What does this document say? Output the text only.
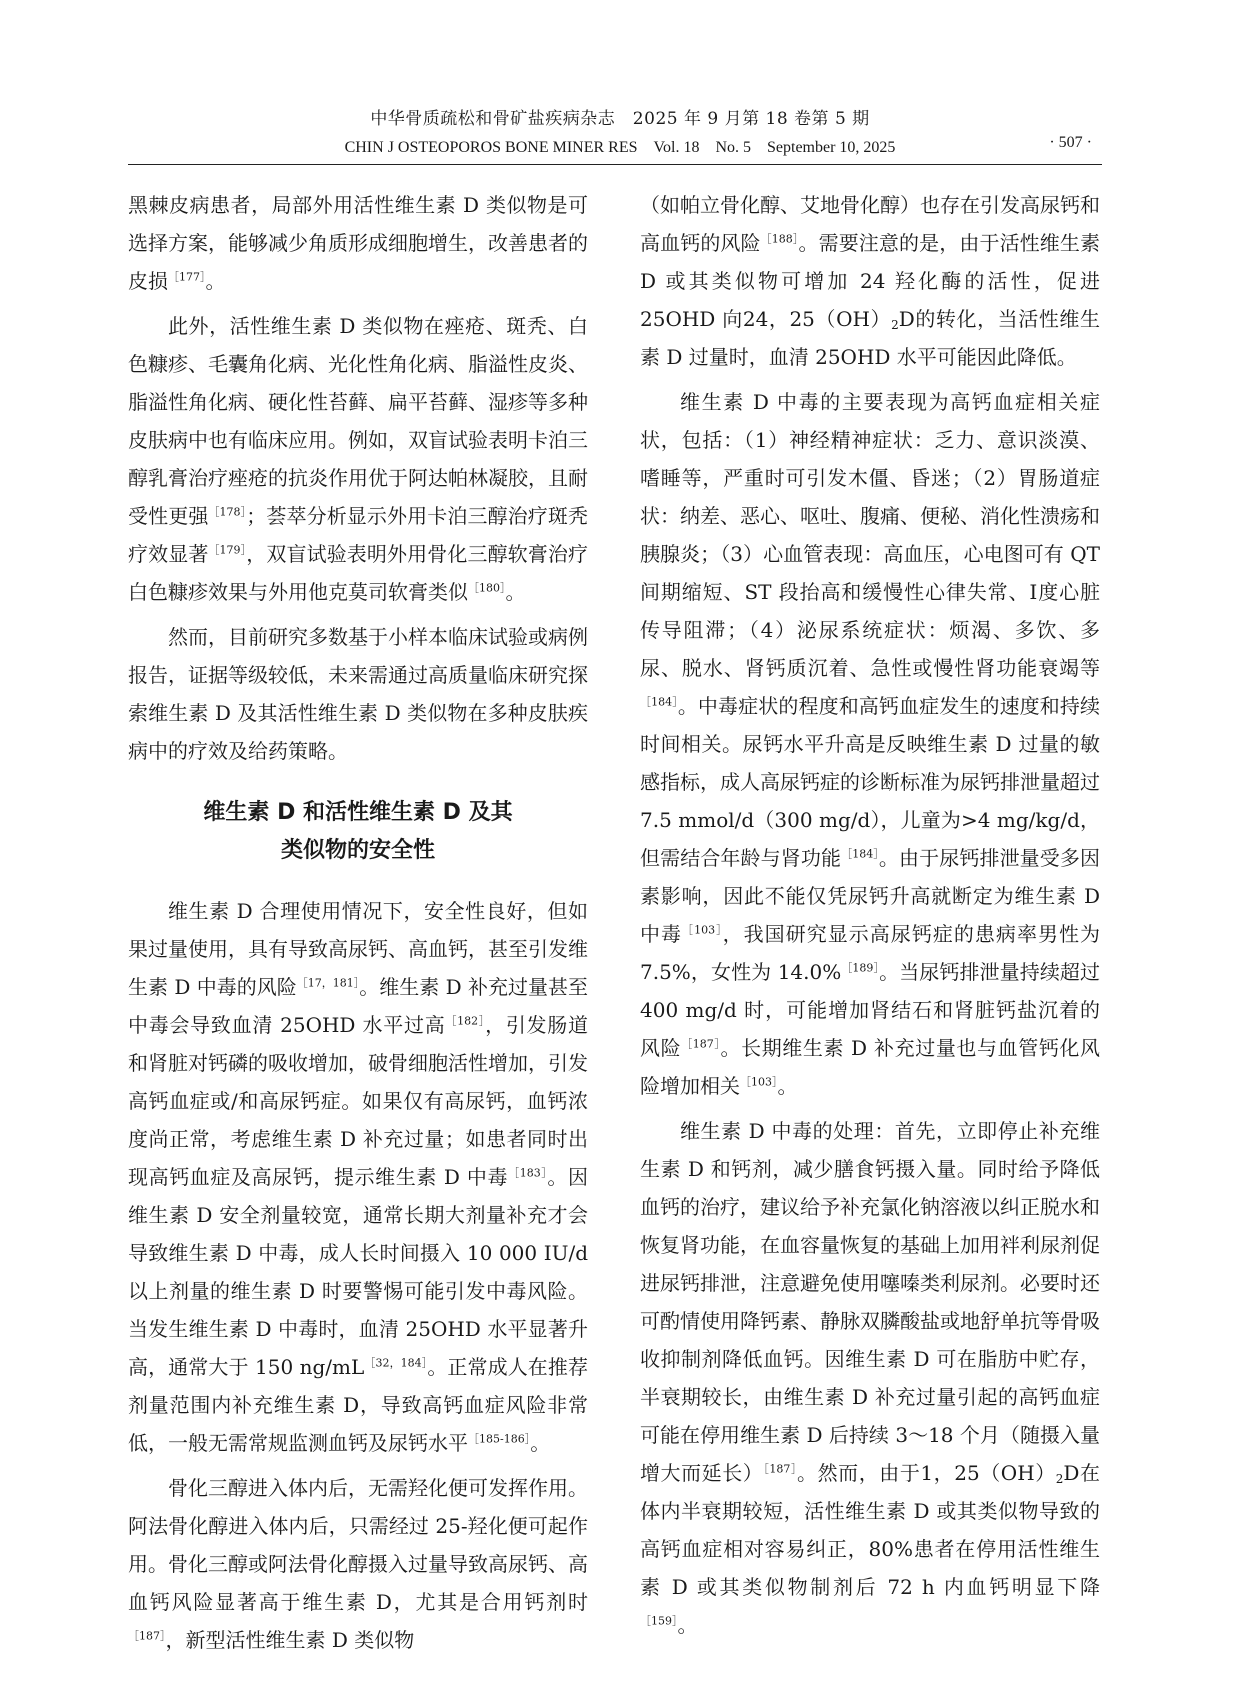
中华骨质疏松和骨矿盐疾病杂志　2025 年 9 月第 18 卷第 5 期
CHIN J OSTEOPOROS BONE MINER RES　Vol. 18　No. 5　September 10, 2025	· 507 ·

黑棘皮病患者，局部外用活性维生素 D 类似物是可选择方案，能够减少角质形成细胞增生，改善患者的皮损$^{[177]}$。

此外，活性维生素 D 类似物在痤疮、斑秃、白色糠疹、毛囊角化病、光化性角化病、脂溢性皮炎、脂溢性角化病、硬化性苔藓、扁平苔藓、湿疹等多种皮肤病中也有临床应用。例如，双盲试验表明卡泊三醇乳膏治疗痤疮的抗炎作用优于阿达帕林凝胶，且耐受性更强$^{[178]}$；荟萃分析显示外用卡泊三醇治疗斑秃疗效显著$^{[179]}$，双盲试验表明外用骨化三醇软膏治疗白色糠疹效果与外用他克莫司软膏类似$^{[180]}$。

然而，目前研究多数基于小样本临床试验或病例报告，证据等级较低，未来需通过高质量临床研究探索维生素 D 及其活性维生素 D 类似物在多种皮肤疾病中的疗效及给药策略。

维生素 D 和活性维生素 D 及其
类似物的安全性

维生素 D 合理使用情况下，安全性良好，但如果过量使用，具有导致高尿钙、高血钙，甚至引发维生素 D 中毒的风险$^{[17,181]}$。维生素 D 补充过量甚至中毒会导致血清 25OHD 水平过高$^{[182]}$，引发肠道和肾脏对钙磷的吸收增加，破骨细胞活性增加，引发高钙血症或/和高尿钙症。如果仅有高尿钙，血钙浓度尚正常，考虑维生素 D 补充过量；如患者同时出现高钙血症及高尿钙，提示维生素 D 中毒$^{[183]}$。因维生素 D 安全剂量较宽，通常长期大剂量补充才会导致维生素 D 中毒，成人长时间摄入 10 000 IU/d 以上剂量的维生素 D 时要警惕可能引发中毒风险。当发生维生素 D 中毒时，血清 25OHD 水平显著升高，通常大于 150 $ng/mL^{[32,184]}$。正常成人在推荐剂量范围内补充维生素 D，导致高钙血症风险非常低，一般无需常规监测血钙及尿钙水平$^{[185-186]}$。

骨化三醇进入体内后，无需羟化便可发挥作用。阿法骨化醇进入体内后，只需经过 25-羟化便可起作用。骨化三醇或阿法骨化醇摄入过量导致高尿钙、高血钙风险显著高于维生素 D，尤其是合用钙剂时$^{[187]}$，新型活性维生素 D 类似物

（如帕立骨化醇、艾地骨化醇）也存在引发高尿钙和高血钙的风险$^{[188]}$。需要注意的是，由于活性维生素 D 或其类似物可增加 24 羟化酶的活性，促进 25OHD 向24，$25(OH)_2D$的转化，当活性维生素 D 过量时，血清 25OHD 水平可能因此降低。

维生素 D 中毒的主要表现为高钙血症相关症状，包括：（1）神经精神症状：乏力、意识淡漠、嗜睡等，严重时可引发木僵、昏迷；（2）胃肠道症状：纳差、恶心、呕吐、腹痛、便秘、消化性溃疡和胰腺炎；（3）心血管表现：高血压，心电图可有 QT 间期缩短、ST 段抬高和缓慢性心律失常、Ⅰ度心脏传导阻滞；（4）泌尿系统症状：烦渴、多饮、多尿、脱水、肾钙质沉着、急性或慢性肾功能衰竭等$^{[184]}$。中毒症状的程度和高钙血症发生的速度和持续时间相关。尿钙水平升高是反映维生素 D 过量的敏感指标，成人高尿钙症的诊断标准为尿钙排泄量超过 7.5 mmol/d（300 mg/d），儿童为>4 mg/kg/d，但需结合年龄与肾功能$^{[184]}$。由于尿钙排泄量受多因素影响，因此不能仅凭尿钙升高就断定为维生素 D 中毒$^{[103]}$，我国研究显示高尿钙症的患病率男性为 7.5%，女性为 14.0%$^{[189]}$。当尿钙排泄量持续超过 400 mg/d 时，可能增加肾结石和肾脏钙盐沉着的风险$^{[187]}$。长期维生素 D 补充过量也与血管钙化风险增加相关$^{[103]}$。

维生素 D 中毒的处理：首先，立即停止补充维生素 D 和钙剂，减少膳食钙摄入量。同时给予降低血钙的治疗，建议给予补充氯化钠溶液以纠正脱水和恢复肾功能，在血容量恢复的基础上加用袢利尿剂促进尿钙排泄，注意避免使用噻嗪类利尿剂。必要时还可酌情使用降钙素、静脉双膦酸盐或地舒单抗等骨吸收抑制剂降低血钙。因维生素 D 可在脂肪中贮存，半衰期较长，由维生素 D 补充过量引起的高钙血症可能在停用维生素 D 后持续 3～18 个月（随摄入量增大而延长）$^{[187]}$。然而，由于1，$25(OH)_2D$在体内半衰期较短，活性维生素 D 或其类似物导致的高钙血症相对容易纠正，80%患者在停用活性维生素 D 或其类似物制剂后 72 h 内血钙明显下降$^{[159]}$。
